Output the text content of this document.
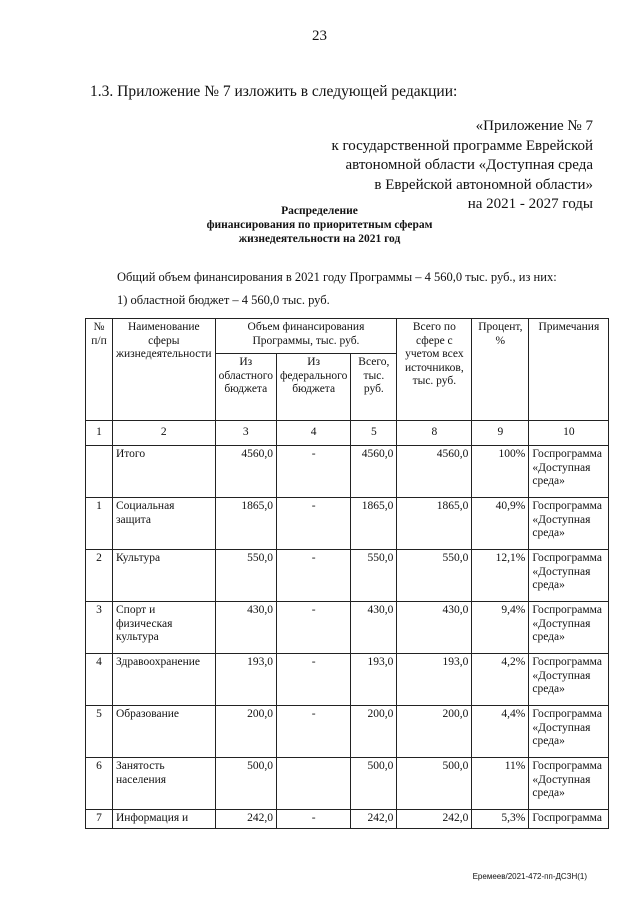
23
1.3. Приложение № 7 изложить в следующей редакции:
«Приложение № 7
к государственной программе Еврейской
автономной области «Доступная среда
в Еврейской автономной области»
на 2021 - 2027 годы
Распределение
финансирования по приоритетным сферам
жизнедеятельности на 2021 год
Общий объем финансирования в 2021 году Программы – 4 560,0 тыс. руб., из них:
1) областной бюджет – 4 560,0 тыс. руб.
№ п/п	Наименование сферы жизнедеятельности	Объем финансирования Программы, тыс. руб.			Всего по сфере с учетом всех источников, тыс. руб.	Процент, %	Примечания
		Из областного бюджета	Из федерального бюджета	Всего, тыс. руб.			
1	2	3	4	5	8	9	10
	Итого	4560,0	-	4560,0	4560,0	100%	Госпрограмма «Доступная среда»
1	Социальная защита	1865,0	-	1865,0	1865,0	40,9%	Госпрограмма «Доступная среда»
2	Культура	550,0	-	550,0	550,0	12,1%	Госпрограмма «Доступная среда»
3	Спорт и физическая культура	430,0	-	430,0	430,0	9,4%	Госпрограмма «Доступная среда»
4	Здравоохранение	193,0	-	193,0	193,0	4,2%	Госпрограмма «Доступная среда»
5	Образование	200,0	-	200,0	200,0	4,4%	Госпрограмма «Доступная среда»
6	Занятость населения	500,0		500,0	500,0	11%	Госпрограмма «Доступная среда»
7	Информация и	242,0	-	242,0	242,0	5,3%	Госпрограмма
Еремеев/2021-472-пп-ДСЗН(1)
